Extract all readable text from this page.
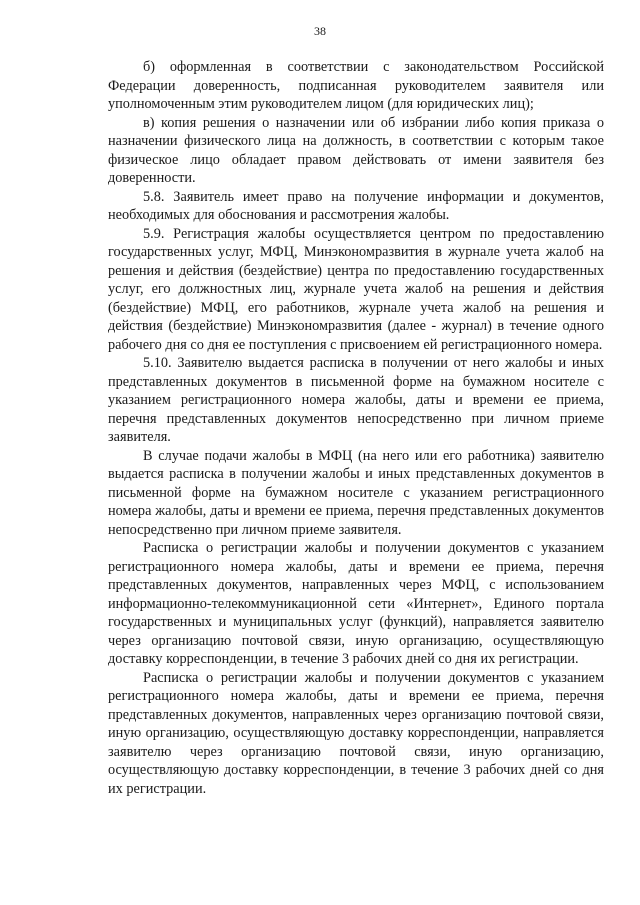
38

б) оформленная в соответствии с законодательством Российской Федерации доверенность, подписанная руководителем заявителя или уполномоченным этим руководителем лицом (для юридических лиц);

в) копия решения о назначении или об избрании либо копия приказа о назначении физического лица на должность, в соответствии с которым такое физическое лицо обладает правом действовать от имени заявителя без доверенности.

5.8. Заявитель имеет право на получение информации и документов, необходимых для обоснования и рассмотрения жалобы.

5.9. Регистрация жалобы осуществляется центром по предоставлению государственных услуг, МФЦ, Минэкономразвития в журнале учета жалоб на решения и действия (бездействие) центра по предоставлению государственных услуг, его должностных лиц, журнале учета жалоб на решения и действия (бездействие) МФЦ, его работников, журнале учета жалоб на решения и действия (бездействие) Минэкономразвития (далее - журнал) в течение одного рабочего дня со дня ее поступления с присвоением ей регистрационного номера.

5.10. Заявителю выдается расписка в получении от него жалобы и иных представленных документов в письменной форме на бумажном носителе с указанием регистрационного номера жалобы, даты и времени ее приема, перечня представленных документов непосредственно при личном приеме заявителя.

В случае подачи жалобы в МФЦ (на него или его работника) заявителю выдается расписка в получении жалобы и иных представленных документов в письменной форме на бумажном носителе с указанием регистрационного номера жалобы, даты и времени ее приема, перечня представленных документов непосредственно при личном приеме заявителя.

Расписка о регистрации жалобы и получении документов с указанием регистрационного номера жалобы, даты и времени ее приема, перечня представленных документов, направленных через МФЦ, с использованием информационно-телекоммуникационной сети «Интернет», Единого портала государственных и муниципальных услуг (функций), направляется заявителю через организацию почтовой связи, иную организацию, осуществляющую доставку корреспонденции, в течение 3 рабочих дней со дня их регистрации.

Расписка о регистрации жалобы и получении документов с указанием регистрационного номера жалобы, даты и времени ее приема, перечня представленных документов, направленных через организацию почтовой связи, иную организацию, осуществляющую доставку корреспонденции, направляется заявителю через организацию почтовой связи, иную организацию, осуществляющую доставку корреспонденции, в течение 3 рабочих дней со дня их регистрации.
